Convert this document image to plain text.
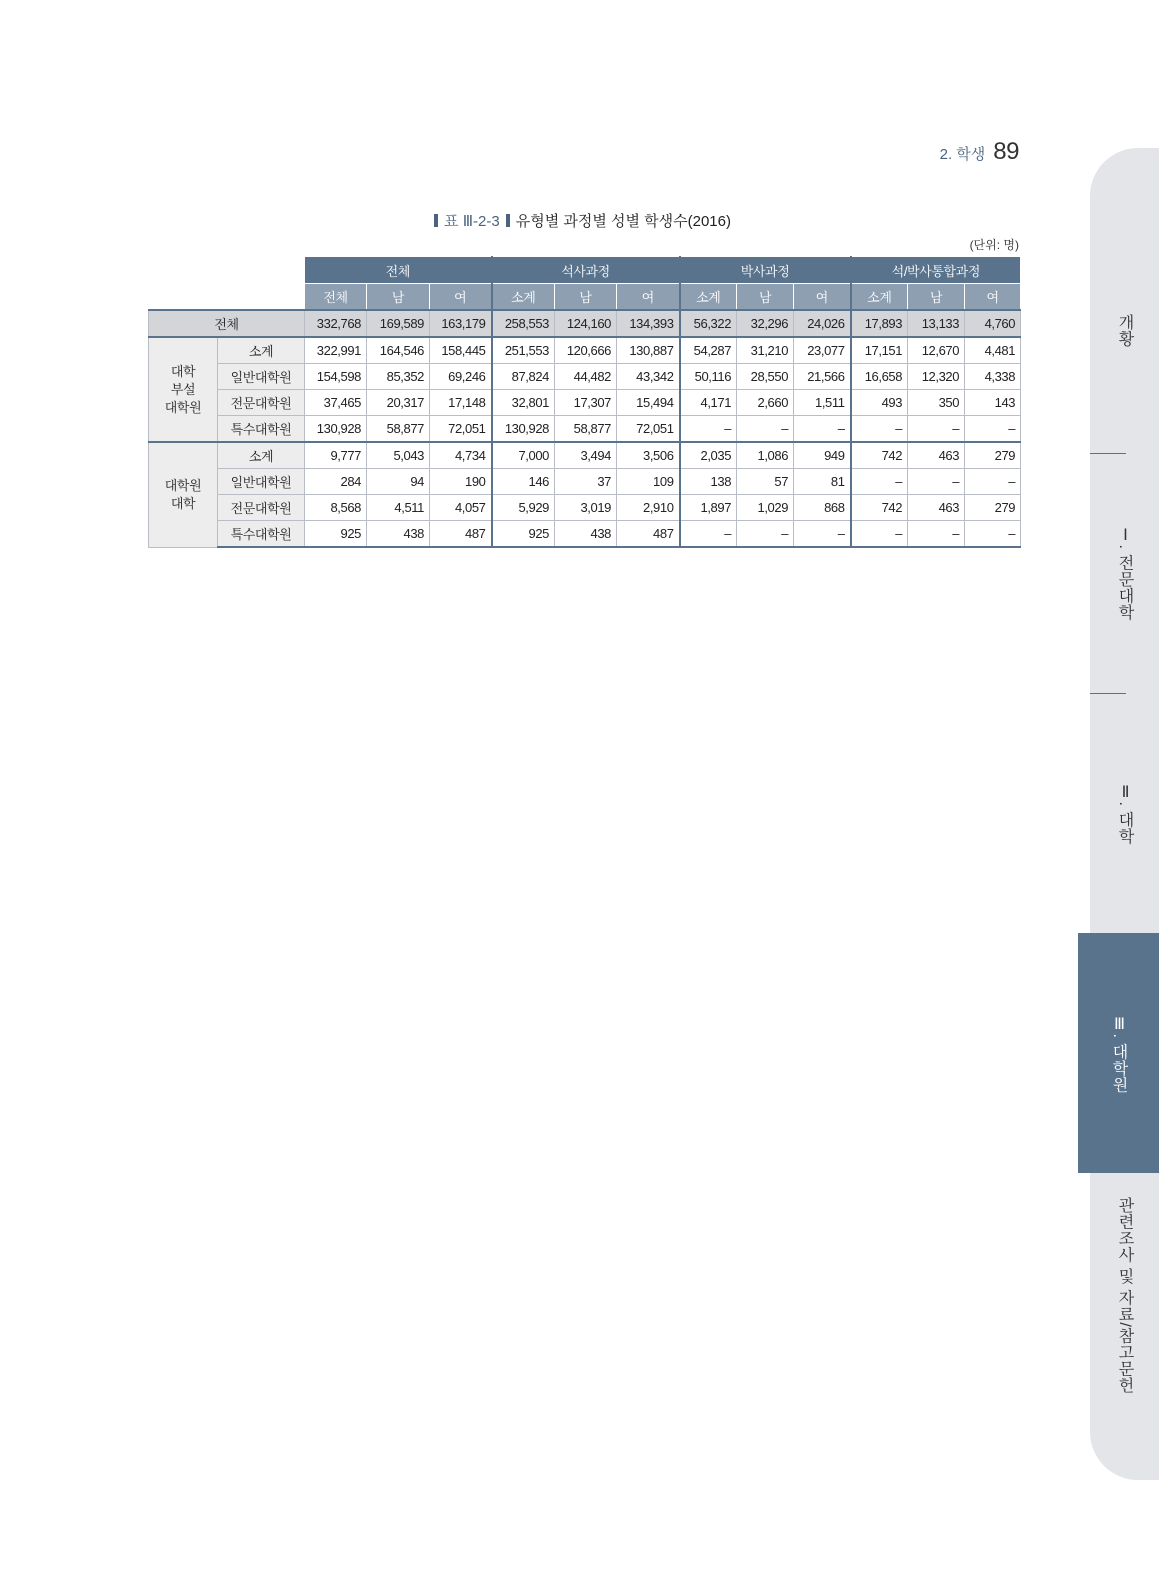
2. 학생 89
표 Ⅲ-2-3 유형별 과정별 성별 학생수(2016)
(단위: 명)
		전체			석사과정			박사과정			석/박사통합과정		
		전체	남	여	소계	남	여	소계	남	여	소계	남	여
전체		332,768	169,589	163,179	258,553	124,160	134,393	56,322	32,296	24,026	17,893	13,133	4,760
대학
부설
대학원	소계	322,991	164,546	158,445	251,553	120,666	130,887	54,287	31,210	23,077	17,151	12,670	4,481
	일반대학원	154,598	85,352	69,246	87,824	44,482	43,342	50,116	28,550	21,566	16,658	12,320	4,338
	전문대학원	37,465	20,317	17,148	32,801	17,307	15,494	4,171	2,660	1,511	493	350	143
	특수대학원	130,928	58,877	72,051	130,928	58,877	72,051	–	–	–	–	–	–
대학원
대학	소계	9,777	5,043	4,734	7,000	3,494	3,506	2,035	1,086	949	742	463	279
	일반대학원	284	94	190	146	37	109	138	57	81	–	–	–
	전문대학원	8,568	4,511	4,057	5,929	3,019	2,910	1,897	1,029	868	742	463	279
	특수대학원	925	438	487	925	438	487	–	–	–	–	–	–
개황
Ⅰ. 전문대학
Ⅱ. 대학
Ⅲ. 대학원
관련조사 및 자료/참고문헌
